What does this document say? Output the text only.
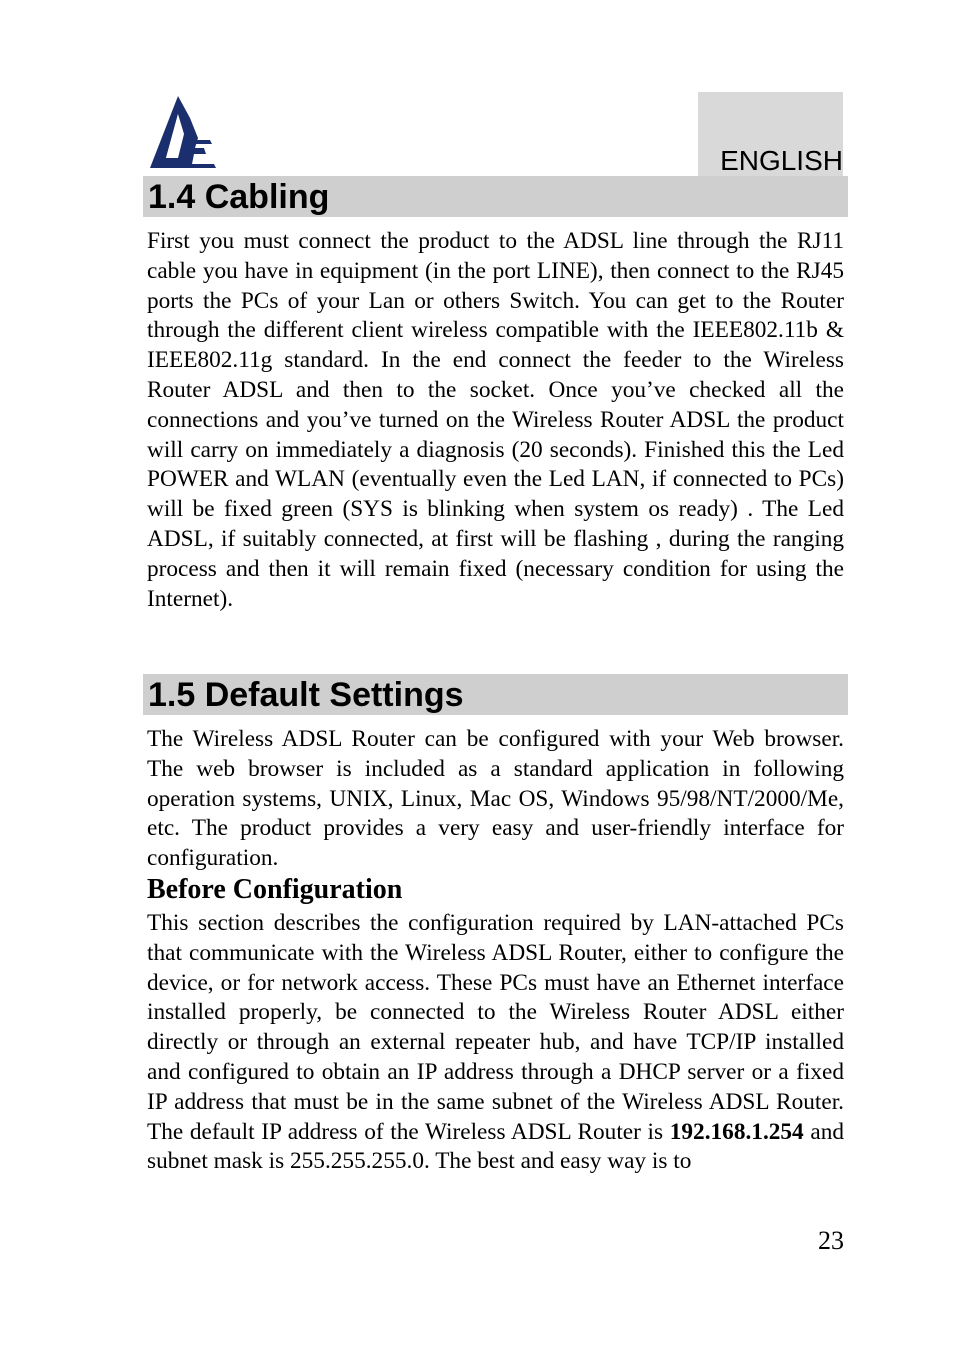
ENGLISH
1.4 Cabling

First you must connect the product to the ADSL line through the RJ11 cable you have in equipment (in the port LINE), then connect to the RJ45 ports the PCs of your Lan or others Switch. You can get to the Router through the different client wireless compatible with the IEEE802.11b & IEEE802.11g standard. In the end connect the feeder to the Wireless Router ADSL and then to the socket. Once you’ve checked all the connections and you’ve turned on the Wireless Router ADSL the product will carry on immediately a diagnosis (20 seconds). Finished this the Led POWER and WLAN (eventually even the Led LAN, if connected to PCs) will be fixed green (SYS is blinking when system os ready) . The Led ADSL, if suitably connected, at first will be flashing , during the ranging process and then it will remain fixed (necessary condition for using the Internet).

1.5 Default Settings

The Wireless ADSL Router can be configured with your Web browser. The web browser is included as a standard application in following operation systems, UNIX, Linux, Mac OS, Windows 95/98/NT/2000/Me, etc. The product provides a very easy and user-friendly interface for configuration.

Before Configuration

This section describes the configuration required by LAN-attached PCs that communicate with the Wireless ADSL Router, either to configure the device, or for network access. These PCs must have an Ethernet interface installed properly, be connected to the Wireless Router ADSL either directly or through an external repeater hub, and have TCP/IP installed and configured to obtain an IP address through a DHCP server or a fixed IP address that must be in the same subnet of the Wireless ADSL Router. The default IP address of the Wireless ADSL Router is 192.168.1.254 and subnet mask is 255.255.255.0. The best and easy way is to

23
